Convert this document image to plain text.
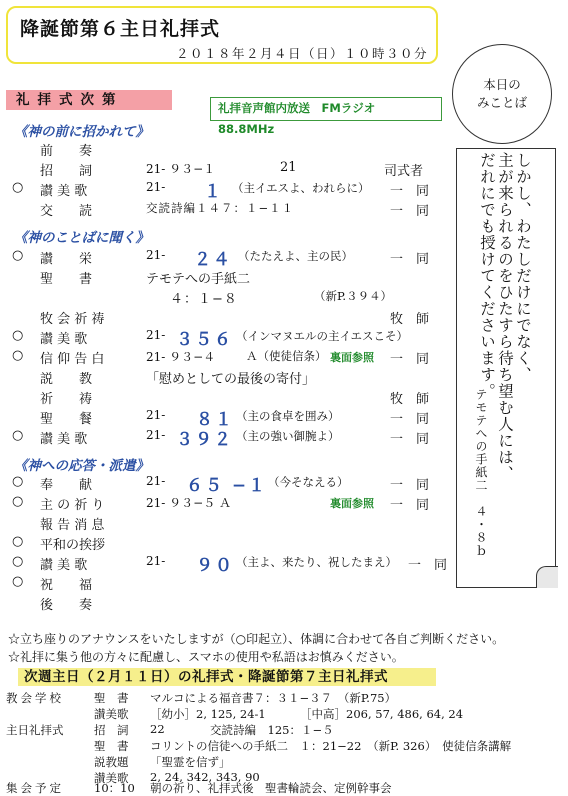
降誕節第６主日礼拝式
２０１８年２月４日（日）１０時３０分
本日の
みことば
礼拝式次第	礼拝音声館内放送　FMラジオ　88.8MHz
《神の前に招かれて》
前　　奏
招　　詞	21- ９３−１	21	司式者
○ 讃 美 歌	21- １ （主イエスよ、われらに） 一　同
交　　読	交読詩編１４７：１−１１	一　同
《神のことばに聞く》
○ 讃　　栄	21- ２４ （たたえよ、主の民）	一　同
聖　　書	テモテへの手紙二
４：１−８	（新P.３９４）
牧 会 祈 祷	牧　師
○ 讃 美 歌	21- ３５６ （インマヌエルの主イエスこそ）
○ 信 仰 告 白	21- ９３−４	Ａ（使徒信条） 裏面参照 一　同
説　　教	「慰めとしての最後の寄付」
祈　　祷	牧　師
聖　　餐	21- ８１ （主の食卓を囲み）	一　同
○ 讃 美 歌	21- ３９２ （主の強い御腕よ）	一　同
《神への応答・派遣》
○ 奉　　献	21- ６５ −１ （今そなえる）	一　同
○ 主 の 祈 り	21- ９３−５ Ａ	裏面参照 一　同
報 告 消 息
○ 平和の挨拶
○ 讃 美 歌	21- ９０ （主よ、来たり、祝したまえ） 一　同
○ 祝　　福
後　　奏
しかし、わたしだけにでなく、
主が来られるのをひたすら待ち望む人には、
だれにでも授けてくださいます。
テモテへの手紙二　４・８ｂ
☆立ち座りのアナウンスをいたしますが（○印起立）、体調に合わせて各自ご判断ください。
☆礼拝に集う他の方々に配慮し、スマホの使用や私語はお慎みください。
次週主日（２月１１日）の礼拝式・降誕節第７主日礼拝式
教会学校	聖　書 マルコによる福音書７：３１−３７　（新P.75）
讃美歌 ［幼小］2, 125, 24-1	［中高］206, 57, 486, 64, 24
主日礼拝式	招　詞 22	交読詩編　125：１−５
聖　書 コリントの信徒への手紙二　１：21−22　（新P. 326）　使徒信条講解
説教題 「聖霊を信ず」
讃美歌 2, 24, 342, 343, 90
集会予定	10：10 朝の祈り、礼拝式後　聖書輪読会、定例幹事会
